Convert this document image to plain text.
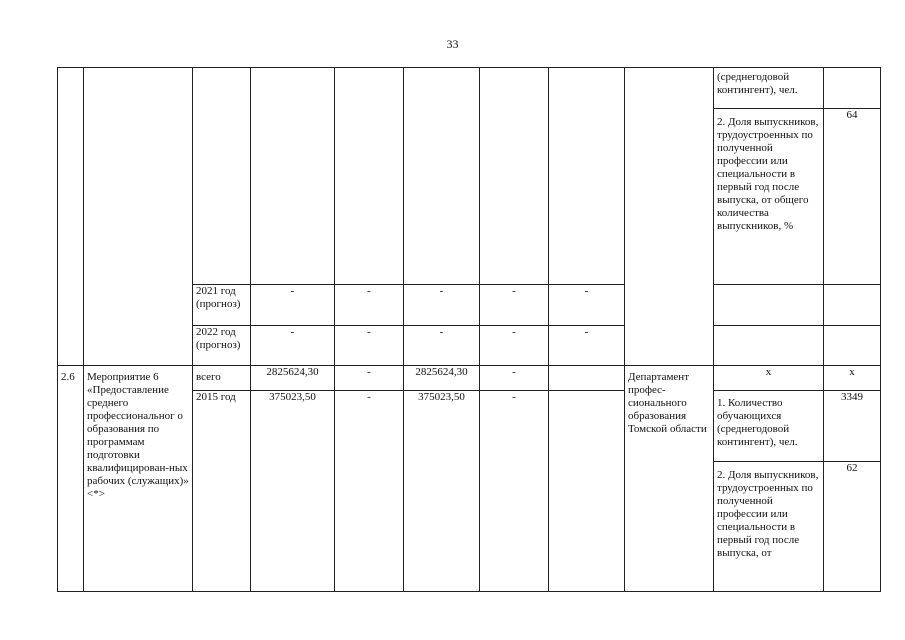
33
									(среднегодовой контингент), чел.	
									2. Доля выпускников, трудоустроенных по полученной профессии или специальности в первый год после выпуска, от общего количества выпускников, %	64
		2021 год (прогноз)	-	-	-	-	-			
		2022 год (прогноз)	-	-	-	-	-			
2.6	Мероприятие 6 «Предоставление среднего профессиональног о образования по программам подготовки квалифицирован-ных рабочих (служащих)» <*>	всего	2825624,30	-	2825624,30	-		Департамент профес-сионального образования Томской области	х	х
		2015 год	375023,50	-	375023,50	-			1. Количество обучающихся (среднегодовой контингент), чел.	3349
									2. Доля выпускников, трудоустроенных по полученной профессии или специальности в первый год после выпуска, от	62
